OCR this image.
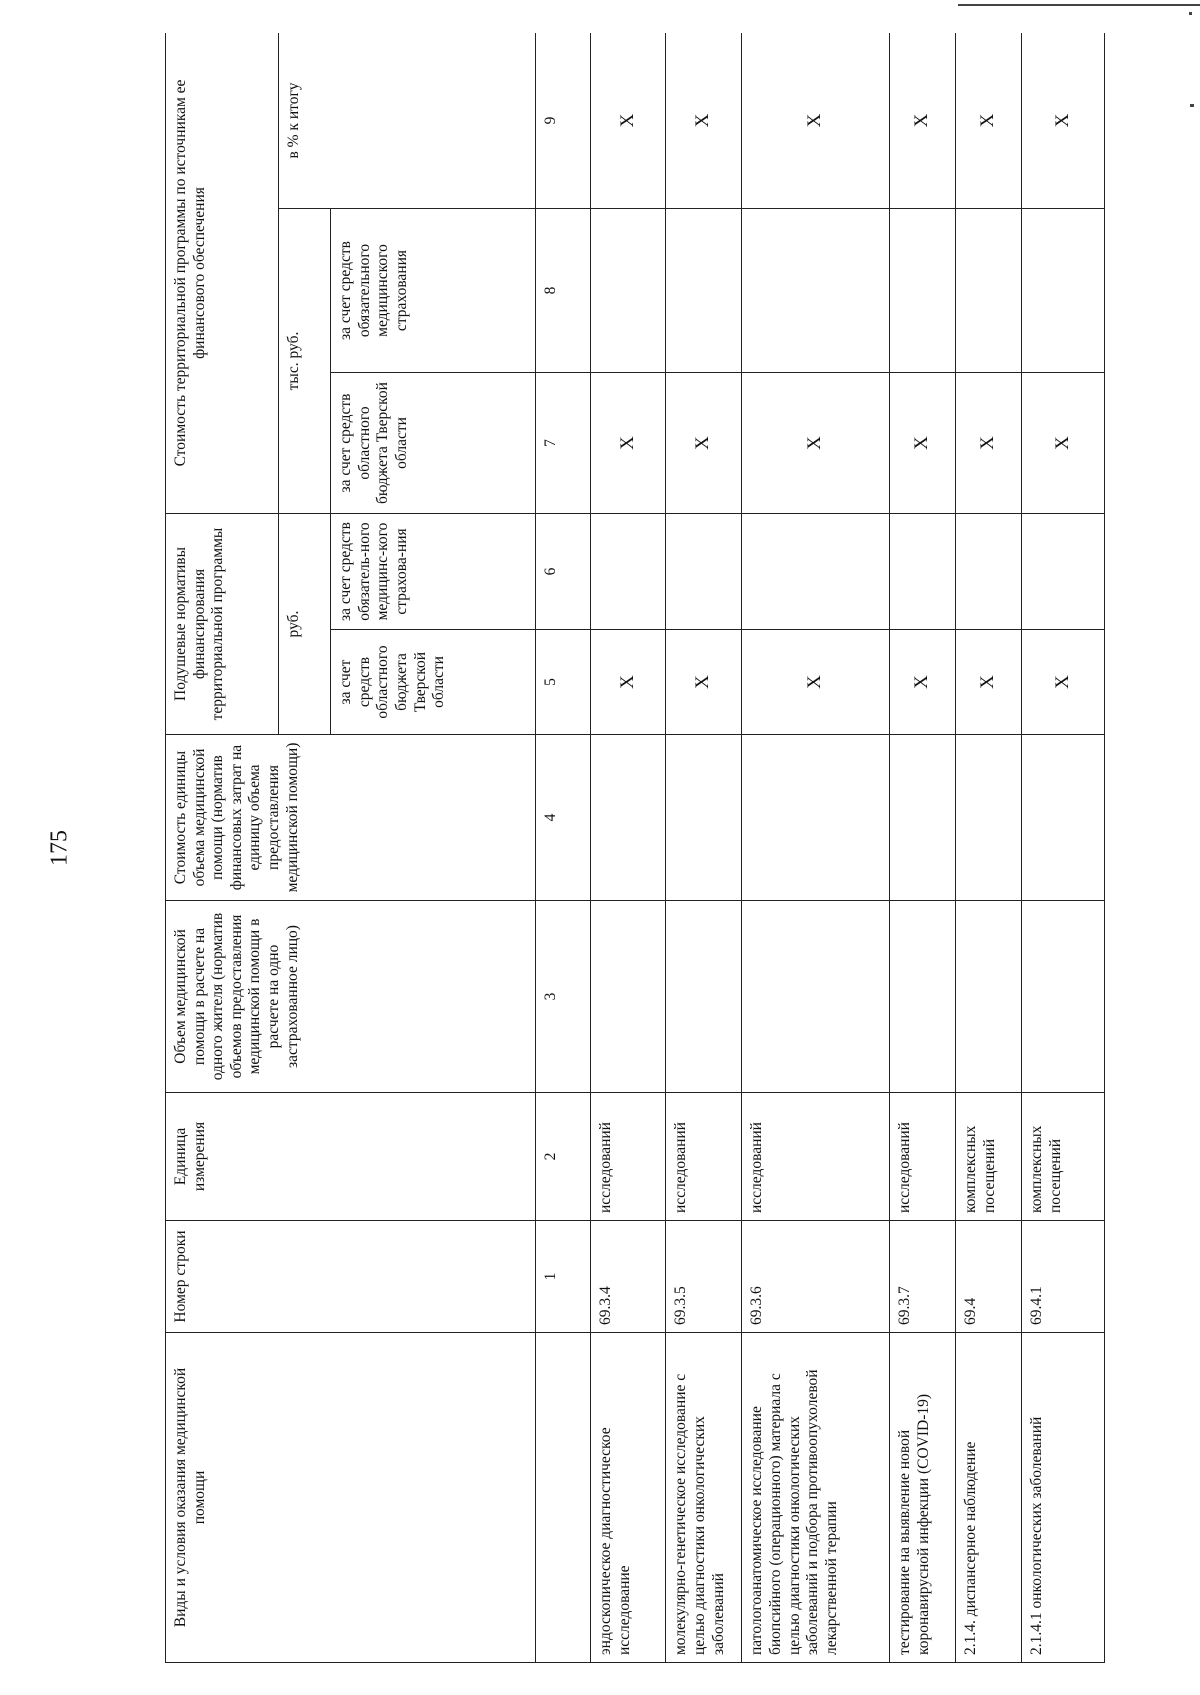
175
Виды и условия оказания медицинской помощи	Номер строки	Единица измерения	Объем медицинской помощи в расчете на одного жителя (норматив объемов предоставления медицинской помощи в расчете на одно застрахованное лицо)	Стоимость единицы объема медицинской помощи (норматив финансовых затрат на единицу объема предоставления медицинской помощи)	Подушевые нормативы финансирования территориальной программы		Стоимость территориальной программы по источникам ее финансового обеспечения		
					руб.		тыс. руб.		в % к итогу
					за счет средств областного бюджета Тверской области	за счет средств обязатель-ного медицинс-кого страхова-ния	за счет средств областного бюджета Тверской области	за счет средств обязательного медицинского страхования	
	1	2	3	4	5	6	7	8	9
эндоскопическое диагностическое исследование	69.3.4	исследований			X		X		X
молекулярно-генетическое исследование с целью диагностики онкологических заболеваний	69.3.5	исследований			X		X		X
патологоанатомическое исследование биопсийного (операционного) материала с целью диагностики онкологических заболеваний и подбора противоопухолевой лекарственной терапии	69.3.6	исследований			X		X		X
тестирование на выявление новой коронавирусной инфекции (COVID-19)	69.3.7	исследований			X		X		X
2.1.4. диспансерное наблюдение	69.4	комплексных посещений			X		X		X
2.1.4.1 онкологических заболеваний	69.4.1	комплексных посещений			X		X		X
